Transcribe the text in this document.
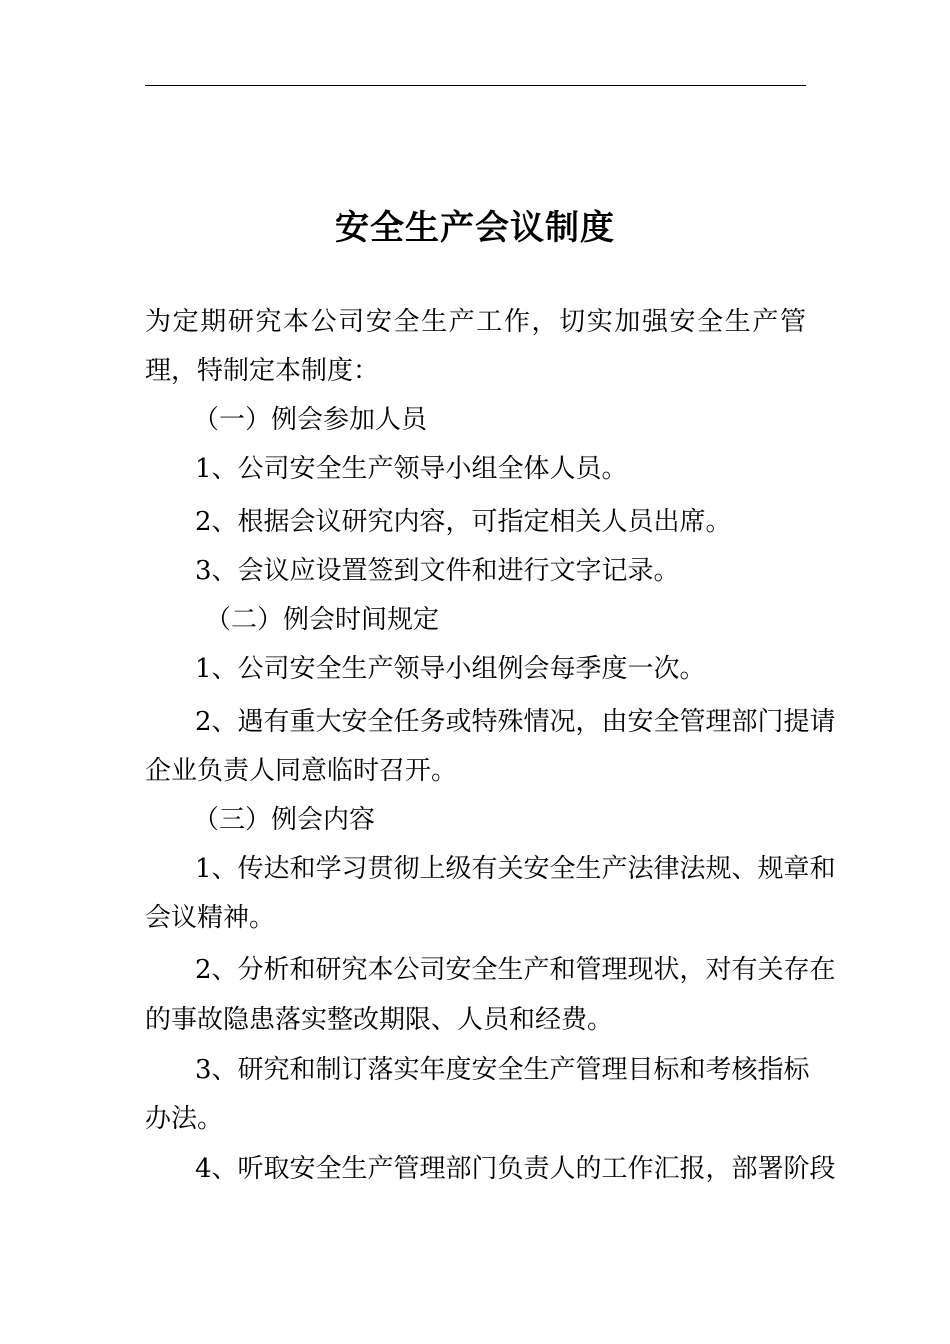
安全生产会议制度
为定期研究本公司安全生产工作，切实加强安全生产管
理，特制定本制度：
（一）例会参加人员
1、公司安全生产领导小组全体人员。
2、根据会议研究内容，可指定相关人员出席。
3、会议应设置签到文件和进行文字记录。
（二）例会时间规定
1、公司安全生产领导小组例会每季度一次。
2、遇有重大安全任务或特殊情况，由安全管理部门提请
企业负责人同意临时召开。
（三）例会内容
1、传达和学习贯彻上级有关安全生产法律法规、规章和
会议精神。
2、分析和研究本公司安全生产和管理现状，对有关存在
的事故隐患落实整改期限、人员和经费。
3、研究和制订落实年度安全生产管理目标和考核指标
办法。
4、听取安全生产管理部门负责人的工作汇报，部署阶段
